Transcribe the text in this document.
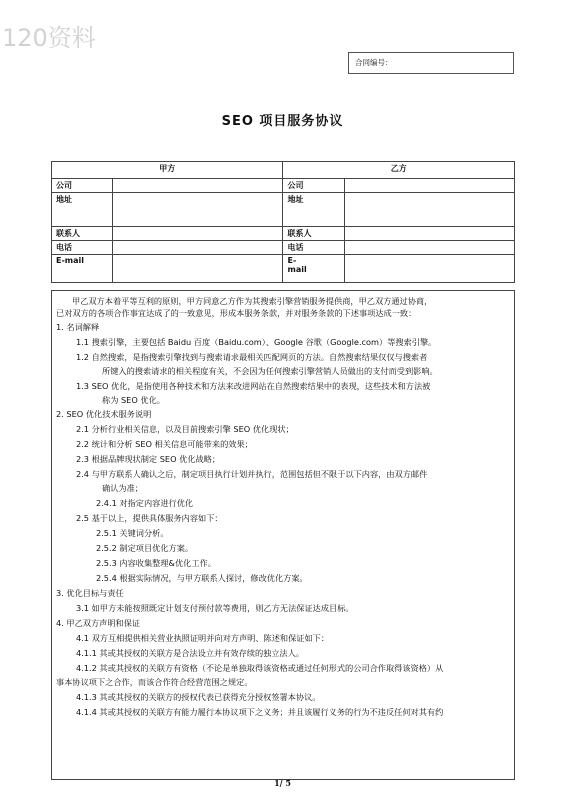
120资料
合同编号：
SEO 项目服务协议
甲方		乙方	
公司		公司	
地址		地址	
联系人		联系人	
电话		电话	
E-mail		E-
mail	
甲乙双方本着平等互利的原则，甲方同意乙方作为其搜索引擎营销服务提供商，甲乙双方通过协商，
已对双方的各项合作事宜达成了的一致意见，形成本服务条款，并对服务条款的下述事项达成一致：
1. 名词解释
1.1 搜索引擎，主要包括 Baidu 百度（Baidu.com）、Google 谷歌（Google.com）等搜索引擎。
1.2 自然搜索，是指搜索引擎找到与搜索请求最相关匹配网页的方法。自然搜索结果仅仅与搜索者
所键入的搜索请求的相关程度有关，不会因为任何搜索引擎营销人员做出的支付而受到影响。
1.3 SEO 优化，是指使用各种技术和方法来改进网站在自然搜索结果中的表现，这些技术和方法被
称为 SEO 优化。
2. SEO 优化技术服务说明
2.1 分析行业相关信息，以及目前搜索引擎 SEO 优化现状；
2.2 统计和分析 SEO 相关信息可能带来的效果；
2.3 根据品牌现状制定 SEO 优化战略；
2.4 与甲方联系人确认之后，制定项目执行计划并执行，范围包括但不限于以下内容，由双方邮件
确认为准；
2.4.1 对指定内容进行优化
2.5 基于以上，提供具体服务内容如下：
2.5.1 关键词分析。
2.5.2 制定项目优化方案。
2.5.3 内容收集整理&优化工作。
2.5.4 根据实际情况，与甲方联系人探讨，修改优化方案。
3. 优化目标与责任
3.1 如甲方未能按照既定计划支付预付款等费用，则乙方无法保证达成目标。
4. 甲乙双方声明和保证
4.1 双方互相提供相关营业执照证明并向对方声明、陈述和保证如下：
4.1.1 其或其授权的关联方是合法设立并有效存续的独立法人。
4.1.2 其或其授权的关联方有资格（不论是单独取得该资格或通过任何形式的公司合作取得该资格）从
事本协议项下之合作，而该合作符合经营范围之规定。
4.1.3 其或其授权的关联方的授权代表已获得充分授权签署本协议。
4.1.4 其或其授权的关联方有能力履行本协议项下之义务；并且该履行义务的行为不违反任何对其有约
1/ 5
